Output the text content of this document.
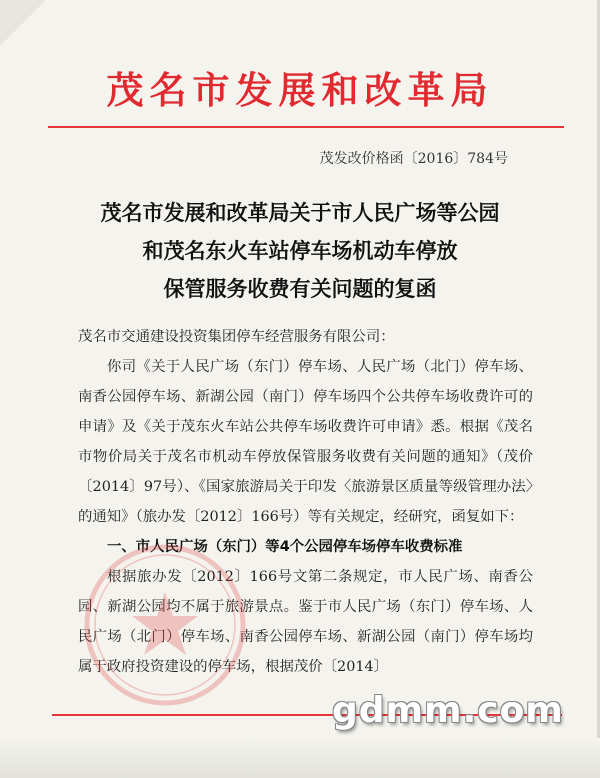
茂名市发展和改革局
茂发改价格函〔2016〕784号
茂名市发展和改革局关于市人民广场等公园
和茂名东火车站停车场机动车停放
保管服务收费有关问题的复函

茂名市交通建设投资集团停车经营服务有限公司：

你司《关于人民广场（东门）停车场、人民广场（北门）停车场、南香公园停车场、新湖公园（南门）停车场四个公共停车场收费许可的申请》及《关于茂东火车站公共停车场收费许可申请》悉。根据《茂名市物价局关于茂名市机动车停放保管服务收费有关问题的通知》（茂价〔2014〕97号）、《国家旅游局关于印发〈旅游景区质量等级管理办法〉的通知》（旅办发〔2012〕166号）等有关规定，经研究，函复如下：

一、市人民广场（东门）等4个公园停车场停车收费标准

根据旅办发〔2012〕166号文第二条规定，市人民广场、南香公园、新湖公园均不属于旅游景点。鉴于市人民广场（东门）停车场、人民广场（北门）停车场、南香公园停车场、新湖公园（南门）停车场均属于政府投资建设的停车场，根据茂价〔2014〕

gdmm.com
